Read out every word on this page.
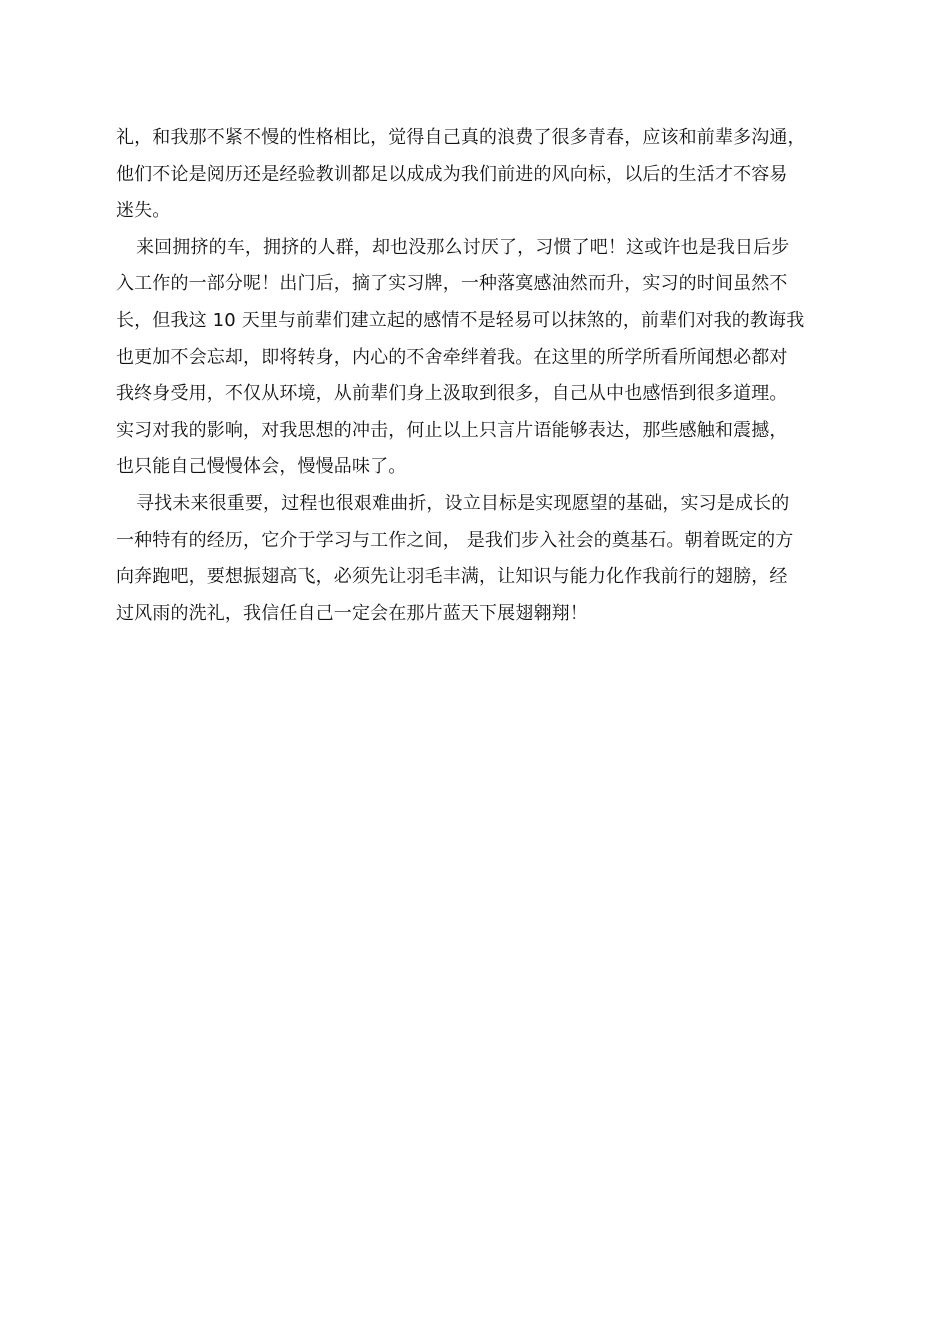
礼，和我那不紧不慢的性格相比，觉得自己真的浪费了很多青春，应该和前辈多沟通，
他们不论是阅历还是经验教训都足以成成为我们前进的风向标，以后的生活才不容易
迷失。
来回拥挤的车，拥挤的人群，却也没那么讨厌了，习惯了吧！这或许也是我日后步
入工作的一部分呢！出门后，摘了实习牌，一种落寞感油然而升，实习的时间虽然不
长，但我这 10 天里与前辈们建立起的感情不是轻易可以抹煞的，前辈们对我的教诲我
也更加不会忘却，即将转身，内心的不舍牵绊着我。在这里的所学所看所闻想必都对
我终身受用，不仅从环境，从前辈们身上汲取到很多，自己从中也感悟到很多道理。
实习对我的影响，对我思想的冲击，何止以上只言片语能够表达，那些感触和震撼，
也只能自己慢慢体会，慢慢品味了。
寻找未来很重要，过程也很艰难曲折，设立目标是实现愿望的基础，实习是成长的
一种特有的经历，它介于学习与工作之间， 是我们步入社会的奠基石。朝着既定的方
向奔跑吧，要想振翅高飞，必须先让羽毛丰满，让知识与能力化作我前行的翅膀，经
过风雨的洗礼，我信任自己一定会在那片蓝天下展翅翱翔！
